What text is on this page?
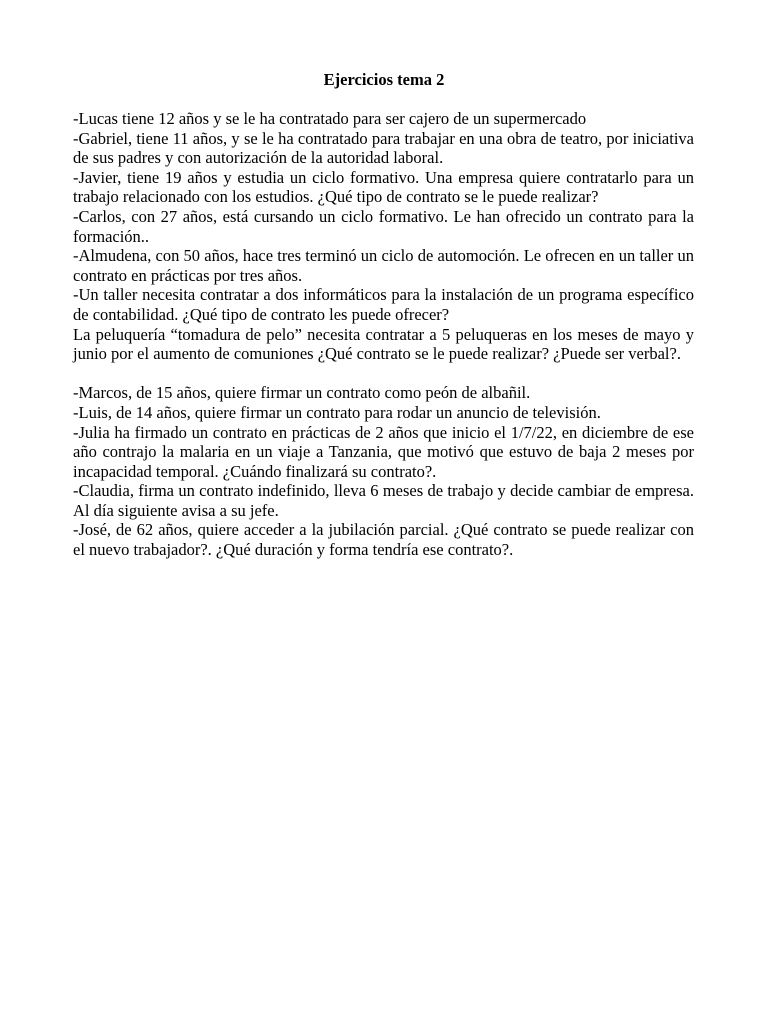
Ejercicios tema 2

-Lucas tiene 12 años y se le ha contratado para ser cajero de un supermercado

-Gabriel, tiene 11 años, y se le ha contratado para trabajar en una obra de teatro, por iniciativa de sus padres y con autorización de la autoridad laboral.

-Javier, tiene 19 años y estudia un ciclo formativo. Una empresa quiere contratarlo para un trabajo relacionado con los estudios. ¿Qué tipo de contrato se le puede realizar?

-Carlos, con 27 años, está cursando un ciclo formativo. Le han ofrecido un contrato para la formación..

-Almudena, con 50 años, hace tres terminó un ciclo de automoción. Le ofrecen en un taller un contrato en prácticas por tres años.

-Un taller necesita contratar a dos informáticos para la instalación de un programa específico de contabilidad. ¿Qué tipo de contrato les puede ofrecer?

La peluquería “tomadura de pelo” necesita contratar a 5 peluqueras en los meses de mayo y junio por el aumento de comuniones ¿Qué contrato se le puede realizar? ¿Puede ser verbal?.

-Marcos, de 15 años, quiere firmar un contrato como peón de albañil.

-Luis, de 14 años, quiere firmar un contrato para rodar un anuncio de televisión.

-Julia ha firmado un contrato en prácticas de 2 años que inicio el 1/7/22, en diciembre de ese año contrajo la malaria en un viaje a Tanzania, que motivó que estuvo de baja 2 meses por incapacidad temporal. ¿Cuándo finalizará su contrato?.

-Claudia, firma un contrato indefinido, lleva 6 meses de trabajo y decide cambiar de empresa. Al día siguiente avisa a su jefe.

-José, de 62 años, quiere acceder a la jubilación parcial. ¿Qué contrato se puede realizar con el nuevo trabajador?. ¿Qué duración y forma tendría ese contrato?.
